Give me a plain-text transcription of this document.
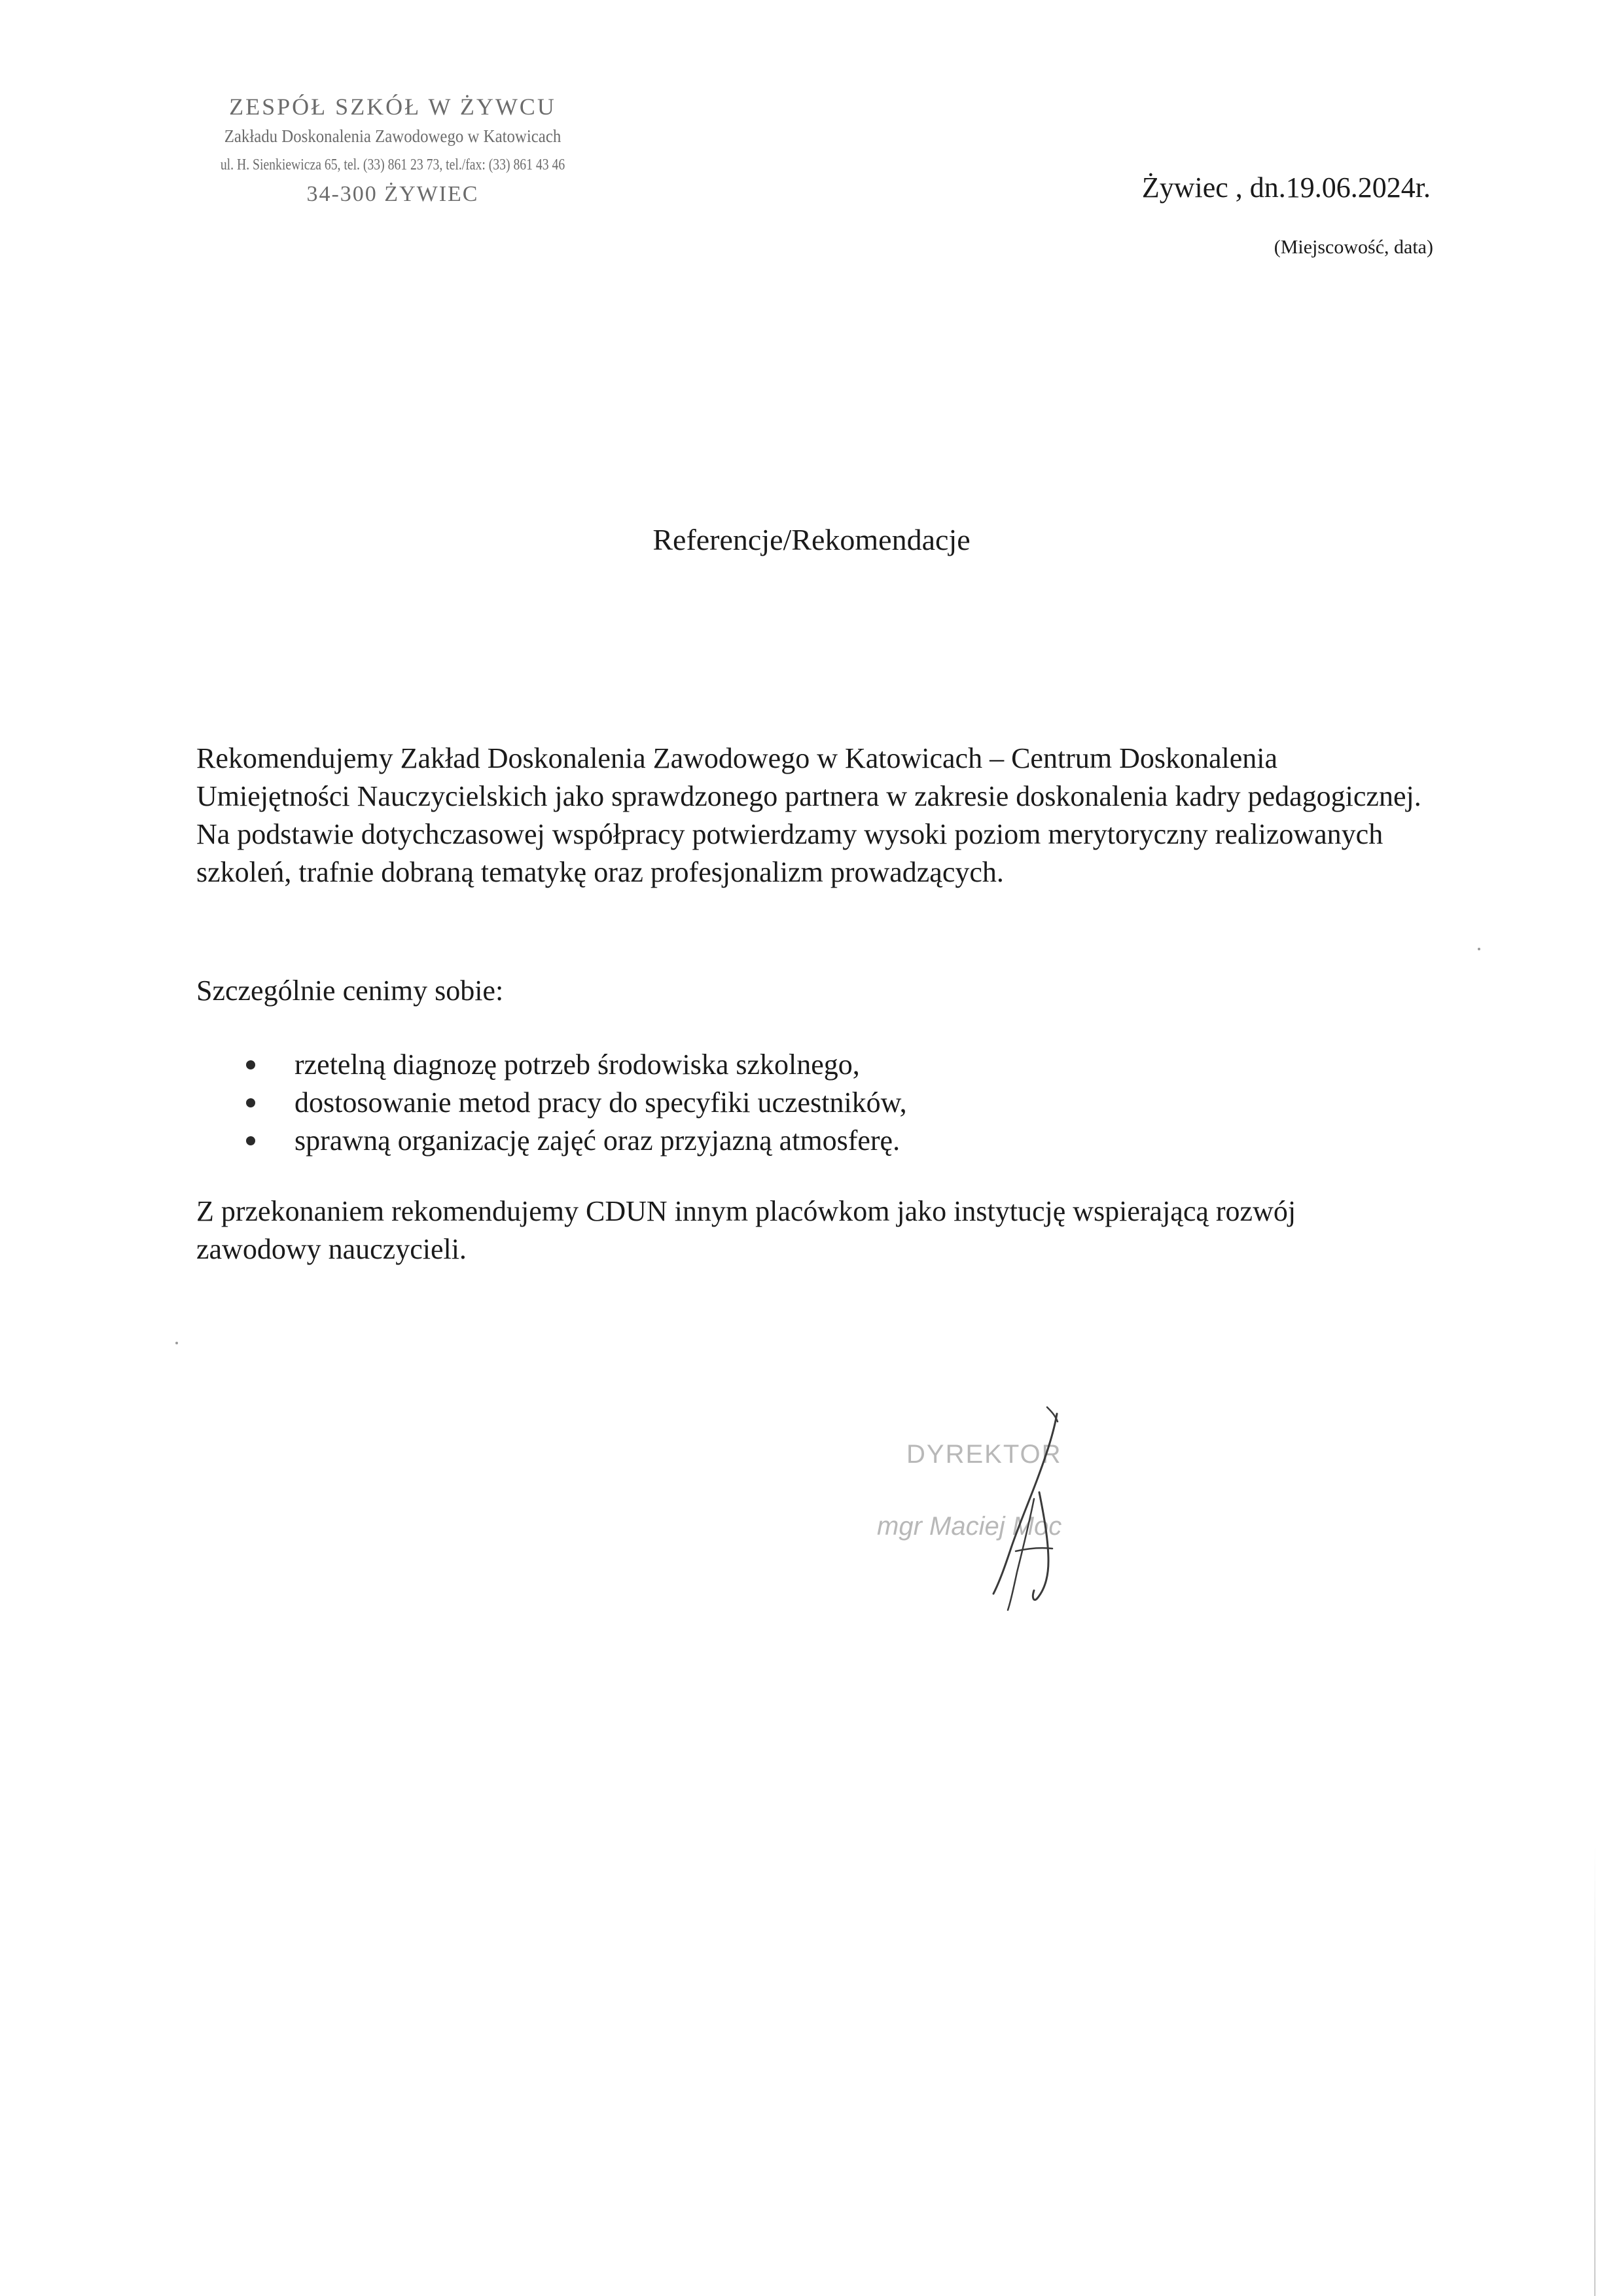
ZESPÓŁ SZKÓŁ W ŻYWCU
Zakładu Doskonalenia Zawodowego w Katowicach
ul. H. Sienkiewicza 65, tel. (33) 861 23 73, tel./fax: (33) 861 43 46
34-300 ŻYWIEC	Żywiec , dn.19.06.2024r.
(Miejscowość, data)
Referencje/Rekomendacje
Rekomendujemy Zakład Doskonalenia Zawodowego w Katowicach – Centrum Doskonalenia Umiejętności Nauczycielskich jako sprawdzonego partnera w zakresie doskonalenia kadry pedagogicznej. Na podstawie dotychczasowej współpracy potwierdzamy wysoki poziom merytoryczny realizowanych szkoleń, trafnie dobraną tematykę oraz profesjonalizm prowadzących.
Szczególnie cenimy sobie:
rzetelną diagnozę potrzeb środowiska szkolnego,
dostosowanie metod pracy do specyfiki uczestników,
sprawną organizację zajęć oraz przyjazną atmosferę.
Z przekonaniem rekomendujemy CDUN innym placówkom jako instytucję wspierającą rozwój zawodowy nauczycieli.
DYREKTOR
mgr Maciej Moc
